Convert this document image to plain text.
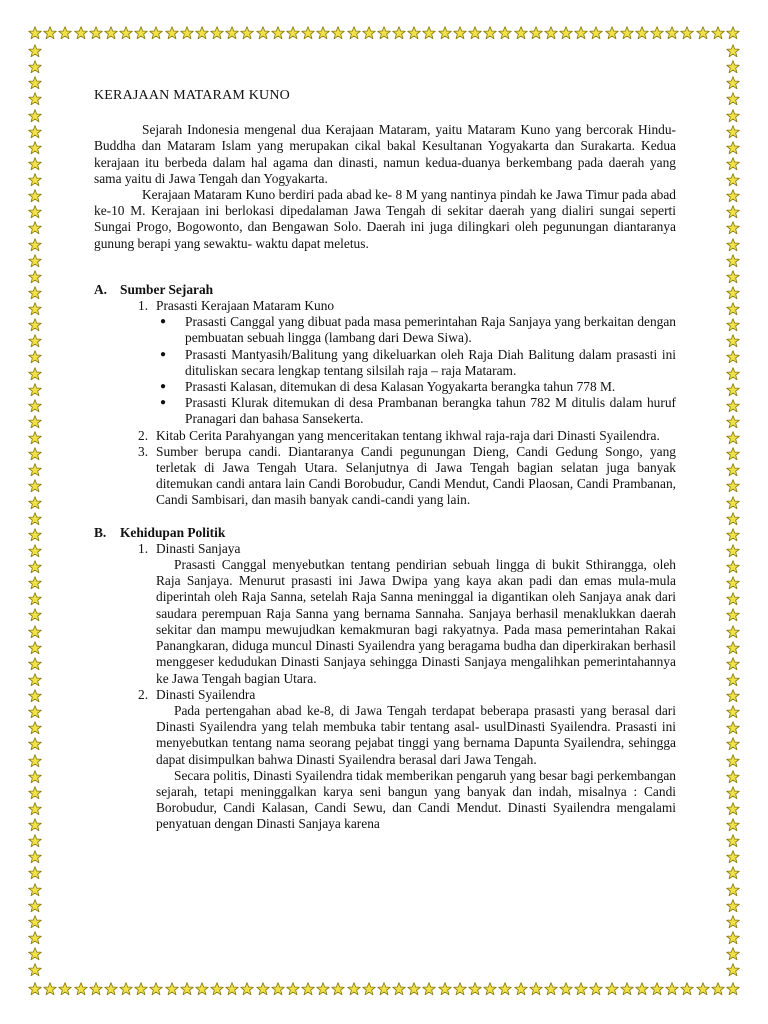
KERAJAAN MATARAM KUNO

Sejarah Indonesia mengenal dua Kerajaan Mataram, yaitu Mataram Kuno yang bercorak Hindu-Buddha dan Mataram Islam yang merupakan cikal bakal Kesultanan Yogyakarta dan Surakarta. Kedua kerajaan itu berbeda dalam hal agama dan dinasti, namun kedua-duanya berkembang pada daerah yang sama yaitu di Jawa Tengah dan Yogyakarta.

Kerajaan Mataram Kuno berdiri pada abad ke- 8 M yang nantinya pindah ke Jawa Timur pada abad ke-10 M. Kerajaan ini berlokasi dipedalaman Jawa Tengah di sekitar daerah yang dialiri sungai seperti Sungai Progo, Bogowonto, dan Bengawan Solo. Daerah ini juga dilingkari oleh pegunungan diantaranya gunung berapi yang sewaktu- waktu dapat meletus.

A. Sumber Sejarah
1. Prasasti Kerajaan Mataram Kuno
●	Prasasti Canggal yang dibuat pada masa pemerintahan Raja Sanjaya yang berkaitan dengan pembuatan sebuah lingga (lambang dari Dewa Siwa).
●	Prasasti Mantyasih/Balitung yang dikeluarkan oleh Raja Diah Balitung dalam prasasti ini dituliskan secara lengkap tentang silsilah raja – raja Mataram.
●	Prasasti Kalasan, ditemukan di desa Kalasan Yogyakarta berangka tahun 778 M.
●	Prasasti Klurak ditemukan di desa Prambanan berangka tahun 782 M ditulis dalam huruf Pranagari dan bahasa Sansekerta.
2. Kitab Cerita Parahyangan yang menceritakan tentang ikhwal raja-raja dari Dinasti Syailendra.
3. Sumber berupa candi. Diantaranya Candi pegunungan Dieng, Candi Gedung Songo, yang terletak di Jawa Tengah Utara. Selanjutnya di Jawa Tengah bagian selatan juga banyak ditemukan candi antara lain Candi Borobudur, Candi Mendut, Candi Plaosan, Candi Prambanan, Candi Sambisari, dan masih banyak candi-candi yang lain.
B.	Kehidupan Politik
1. Dinasti Sanjaya

Prasasti Canggal menyebutkan tentang pendirian sebuah lingga di bukit Sthirangga, oleh Raja Sanjaya. Menurut prasasti ini Jawa Dwipa yang kaya akan padi dan emas mula-mula diperintah oleh Raja Sanna, setelah Raja Sanna meninggal ia digantikan oleh Sanjaya anak dari saudara perempuan Raja Sanna yang bernama Sannaha. Sanjaya berhasil menaklukkan daerah sekitar dan mampu mewujudkan kemakmuran bagi rakyatnya. Pada masa pemerintahan Rakai Panangkaran, diduga muncul Dinasti Syailendra yang beragama budha dan diperkirakan berhasil menggeser kedudukan Dinasti Sanjaya sehingga Dinasti Sanjaya mengalihkan pemerintahannya ke Jawa Tengah bagian Utara.

2. Dinasti Syailendra

Pada pertengahan abad ke-8, di Jawa Tengah terdapat beberapa prasasti yang berasal dari Dinasti Syailendra yang telah membuka tabir tentang asal- usulDinasti Syailendra. Prasasti ini menyebutkan tentang nama seorang pejabat tinggi yang bernama Dapunta Syailendra, sehingga dapat disimpulkan bahwa Dinasti Syailendra berasal dari Jawa Tengah.

Secara politis, Dinasti Syailendra tidak memberikan pengaruh yang besar bagi perkembangan sejarah, tetapi meninggalkan karya seni bangun yang banyak dan indah, misalnya : Candi Borobudur, Candi Kalasan, Candi Sewu, dan Candi Mendut. Dinasti Syailendra mengalami penyatuan dengan Dinasti Sanjaya karena
